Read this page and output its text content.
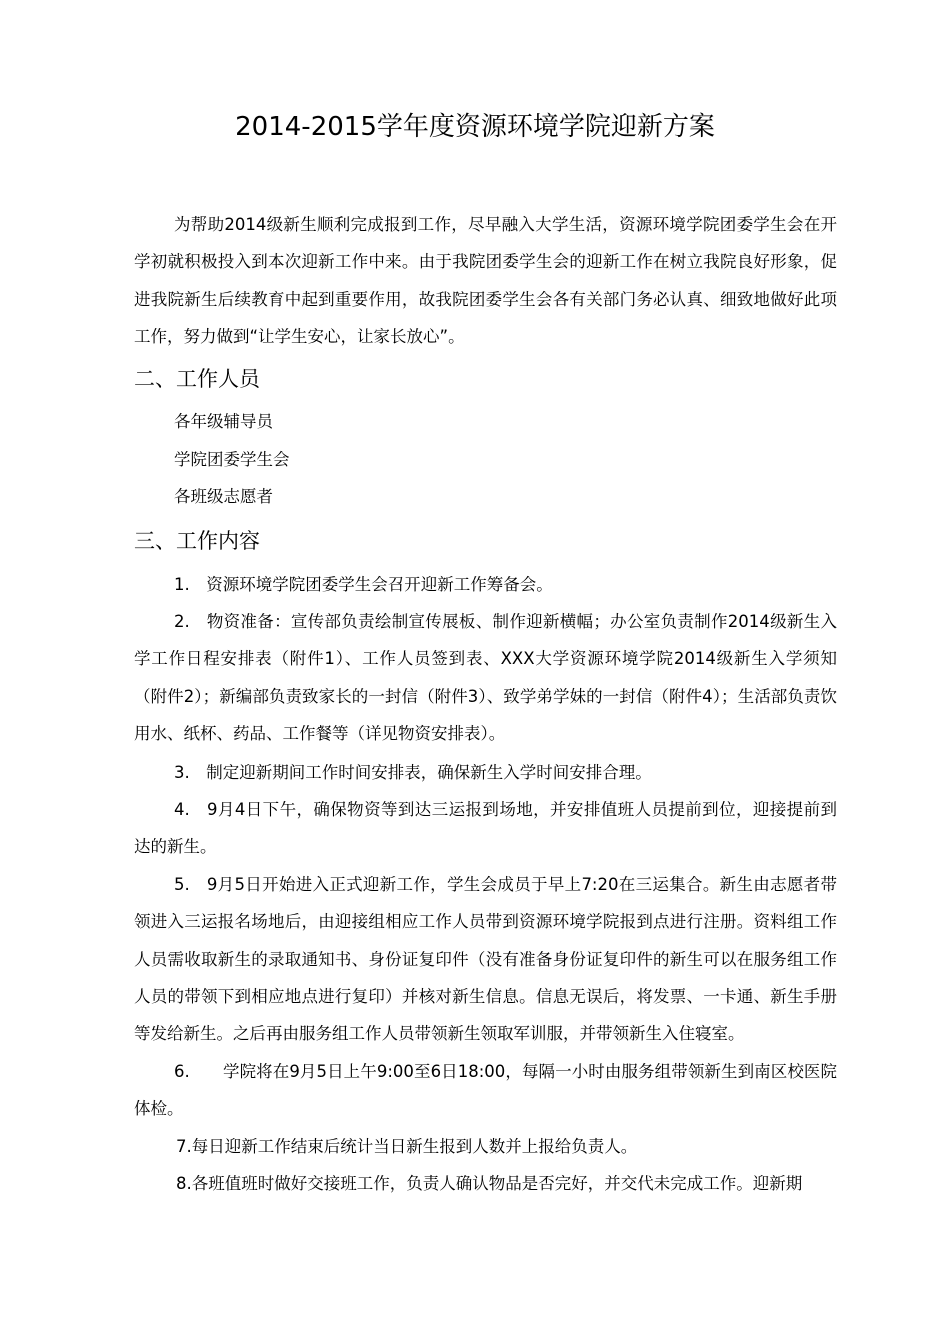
2014-2015学年度资源环境学院迎新方案

为帮助2014级新生顺利完成报到工作，尽早融入大学生活，资源环境学院团委学生会在开学初就积极投入到本次迎新工作中来。由于我院团委学生会的迎新工作在树立我院良好形象，促进我院新生后续教育中起到重要作用，故我院团委学生会各有关部门务必认真、细致地做好此项工作，努力做到“让学生安心，让家长放心”。

二、工作人员

各年级辅导员

学院团委学生会

各班级志愿者

三、工作内容

1.　资源环境学院团委学生会召开迎新工作筹备会。

2.　物资准备：宣传部负责绘制宣传展板、制作迎新横幅；办公室负责制作2014级新生入学工作日程安排表（附件1）、工作人员签到表、XXX大学资源环境学院2014级新生入学须知（附件2）；新编部负责致家长的一封信（附件3）、致学弟学妹的一封信（附件4）；生活部负责饮用水、纸杯、药品、工作餐等（详见物资安排表）。

3.　制定迎新期间工作时间安排表，确保新生入学时间安排合理。

4.　9月4日下午，确保物资等到达三运报到场地，并安排值班人员提前到位，迎接提前到达的新生。

5.　9月5日开始进入正式迎新工作，学生会成员于早上7:20在三运集合。新生由志愿者带领进入三运报名场地后，由迎接组相应工作人员带到资源环境学院报到点进行注册。资料组工作人员需收取新生的录取通知书、身份证复印件（没有准备身份证复印件的新生可以在服务组工作人员的带领下到相应地点进行复印）并核对新生信息。信息无误后，将发票、一卡通、新生手册等发给新生。之后再由服务组工作人员带领新生领取军训服，并带领新生入住寝室。

6.　　学院将在9月5日上午9:00至6日18:00，每隔一小时由服务组带领新生到南区校医院体检。

7.每日迎新工作结束后统计当日新生报到人数并上报给负责人。

8.各班值班时做好交接班工作，负责人确认物品是否完好，并交代未完成工作。迎新期
